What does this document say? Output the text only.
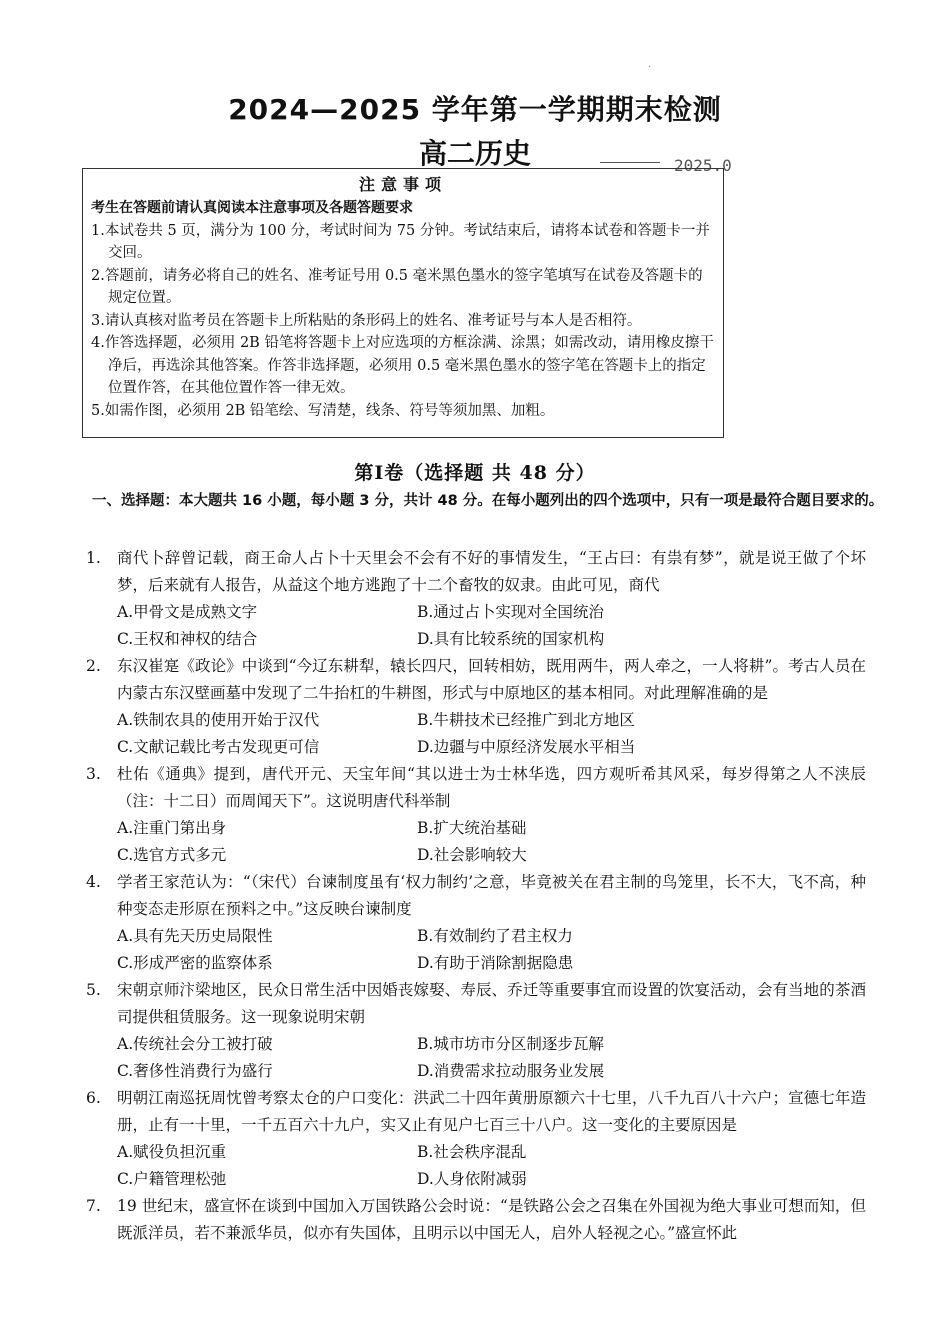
·
2024—2025 学年第一学期期末检测
高二历史	2025.0
注意事项
考生在答题前请认真阅读本注意事项及各题答题要求
1.本试卷共 5 页，满分为 100 分，考试时间为 75 分钟。考试结束后，请将本试卷和答题卡一并交回。
2.答题前，请务必将自己的姓名、准考证号用 0.5 毫米黑色墨水的签字笔填写在试卷及答题卡的规定位置。
3.请认真核对监考员在答题卡上所粘贴的条形码上的姓名、准考证号与本人是否相符。
4.作答选择题，必须用 2B 铅笔将答题卡上对应选项的方框涂满、涂黑；如需改动，请用橡皮擦干净后，再选涂其他答案。作答非选择题，必须用 0.5 毫米黑色墨水的签字笔在答题卡上的指定位置作答，在其他位置作答一律无效。
5.如需作图，必须用 2B 铅笔绘、写清楚，线条、符号等须加黑、加粗。
第Ⅰ卷（选择题 共 48 分）
一、选择题：本大题共 16 小题，每小题 3 分，共计 48 分。在每小题列出的四个选项中，只有一项是最符合题目要求的。
1. 商代卜辞曾记载，商王命人占卜十天里会不会有不好的事情发生，“王占曰：有祟有梦”，就是说王做了个坏梦，后来就有人报告，从益这个地方逃跑了十二个畜牧的奴隶。由此可见，商代
A.甲骨文是成熟文字	B.通过占卜实现对全国统治
C.王权和神权的结合	D.具有比较系统的国家机构
2. 东汉崔寔《政论》中谈到“今辽东耕犁，辕长四尺，回转相妨，既用两牛，两人牵之，一人将耕”。考古人员在内蒙古东汉壁画墓中发现了二牛抬杠的牛耕图，形式与中原地区的基本相同。对此理解准确的是
A.铁制农具的使用开始于汉代	B.牛耕技术已经推广到北方地区
C.文献记载比考古发现更可信	D.边疆与中原经济发展水平相当
3. 杜佑《通典》提到，唐代开元、天宝年间“其以进士为士林华选，四方观听希其风采，每岁得第之人不浃辰（注：十二日）而周闻天下”。这说明唐代科举制
A.注重门第出身	B.扩大统治基础
C.选官方式多元	D.社会影响较大
4. 学者王家范认为：“（宋代）台谏制度虽有‘权力制约’之意，毕竟被关在君主制的鸟笼里，长不大，飞不高，种种变态走形原在预料之中。”这反映台谏制度
A.具有先天历史局限性	B.有效制约了君主权力
C.形成严密的监察体系	D.有助于消除割据隐患
5. 宋朝京师汴梁地区，民众日常生活中因婚丧嫁娶、寿辰、乔迁等重要事宜而设置的饮宴活动，会有当地的茶酒司提供租赁服务。这一现象说明宋朝
A.传统社会分工被打破	B.城市坊市分区制逐步瓦解
C.奢侈性消费行为盛行	D.消费需求拉动服务业发展
6. 明朝江南巡抚周忱曾考察太仓的户口变化：洪武二十四年黄册原额六十七里，八千九百八十六户；宣德七年造册，止有一十里，一千五百六十九户，实又止有见户七百三十八户。这一变化的主要原因是
A.赋役负担沉重	B.社会秩序混乱
C.户籍管理松弛	D.人身依附减弱
7. 19 世纪末，盛宣怀在谈到中国加入万国铁路公会时说：“是铁路公会之召集在外国视为绝大事业可想而知，但既派洋员，若不兼派华员，似亦有失国体，且明示以中国无人，启外人轻视之心。”盛宣怀此
